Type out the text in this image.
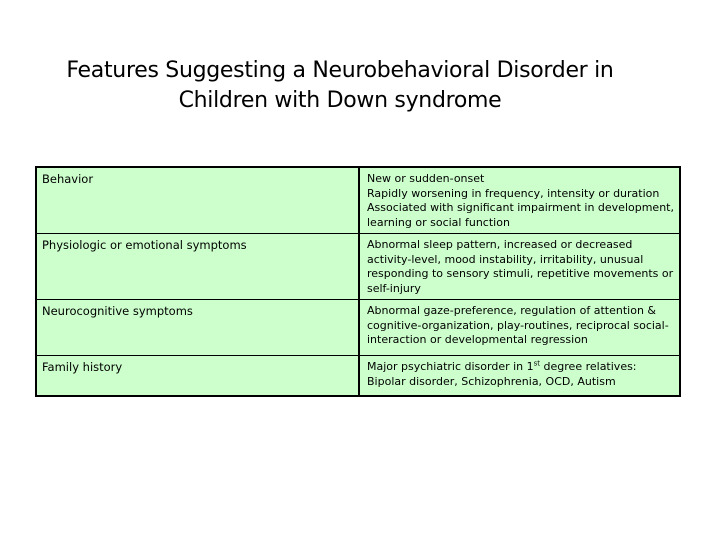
Features Suggesting a Neurobehavioral Disorder in
Children with Down syndrome
Behavior	New or sudden-onset
Rapidly worsening in frequency, intensity or duration
Associated with significant impairment in development, learning or social function

Physiologic or emotional symptoms	Abnormal sleep pattern, increased or decreased activity-level, mood instability, irritability, unusual responding to sensory stimuli, repetitive movements or self-injury
Neurocognitive symptoms	Abnormal gaze-preference, regulation of attention & cognitive-organization, play-routines, reciprocal social-interaction or developmental regression
Family history	Major psychiatric disorder in 1st degree relatives:
Bipolar disorder, Schizophrenia, OCD, Autism
